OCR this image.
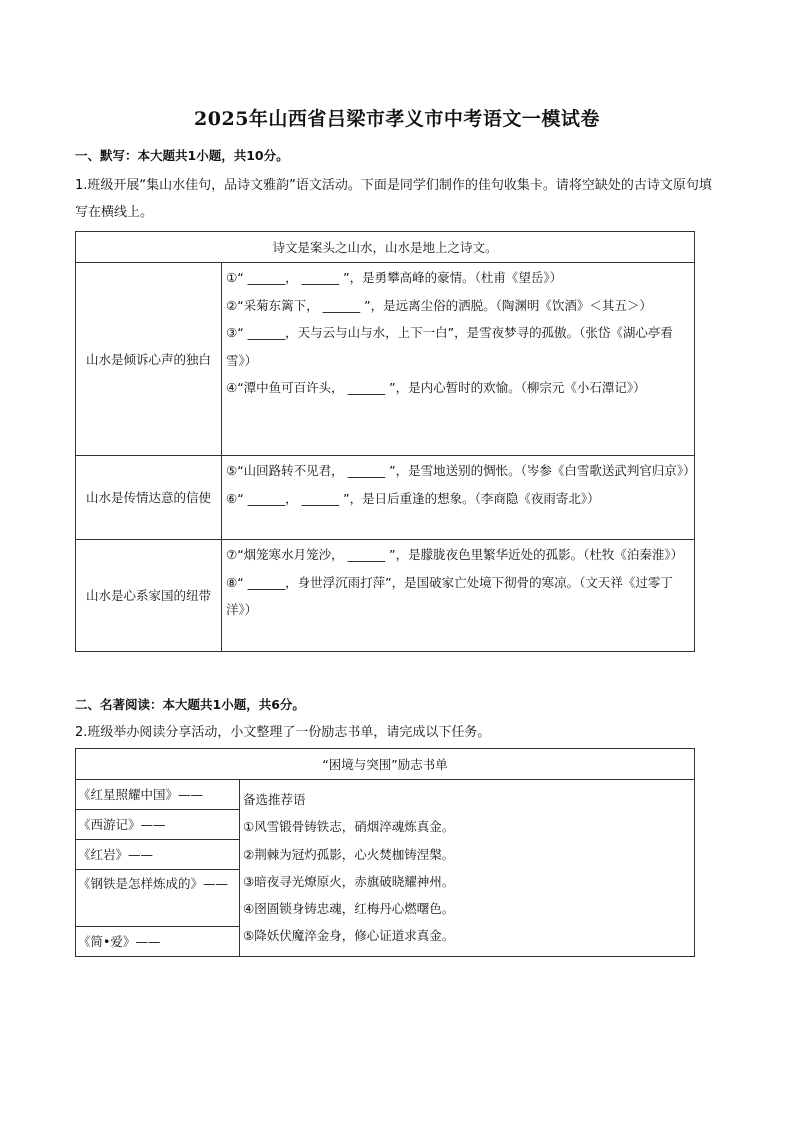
2025年山西省吕梁市孝义市中考语文一模试卷
一、默写：本大题共1小题，共10分。
1.班级开展“集山水佳句，品诗文雅韵”语文活动。下面是同学们制作的佳句收集卡。请将空缺处的古诗文原句填写在横线上。
诗文是案头之山水，山水是地上之诗文。	
山水是倾诉心声的独白	①“ ______， ______ ”，是勇攀高峰的豪情。（杜甫《望岳》）
②“采菊东篱下， ______ ”，是远离尘俗的洒脱。（陶渊明《饮酒》＜其五＞）
③“ ______，天与云与山与水，上下一白”，是雪夜梦寻的孤傲。（张岱《湖心亭看雪》）
④“潭中鱼可百许头， ______ ”，是内心暂时的欢愉。（柳宗元《小石潭记》）

山水是传情达意的信使	⑤“山回路转不见君， ______ ”，是雪地送别的惆怅。（岑参《白雪歌送武判官归京》）
⑥“ ______， ______ ”，是日后重逢的想象。（李商隐《夜雨寄北》）

山水是心系家国的纽带	⑦“烟笼寒水月笼沙， ______ ”，是朦胧夜色里繁华近处的孤影。（杜牧《泊秦淮》）
⑧“ ______，身世浮沉雨打萍”，是国破家亡处境下彻骨的寒凉。（文天祥《过零丁洋》）
二、名著阅读：本大题共1小题，共6分。
2.班级举办阅读分享活动，小文整理了一份励志书单，请完成以下任务。
“困境与突围”励志书单

《红星照耀中国》——
《西游记》——
《红岩》——
《钢铁是怎样炼成的》——
《简•爱》——

备选推荐语
①风雪锻骨铸铁志，硝烟淬魂炼真金。
②荆棘为冠灼孤影，心火焚枷铸涅槃。
③暗夜寻光燎原火，赤旗破晓耀神州。
④囹圄锁身铸忠魂，红梅丹心燃曙色。
⑤降妖伏魔淬金身，修心证道求真金。
